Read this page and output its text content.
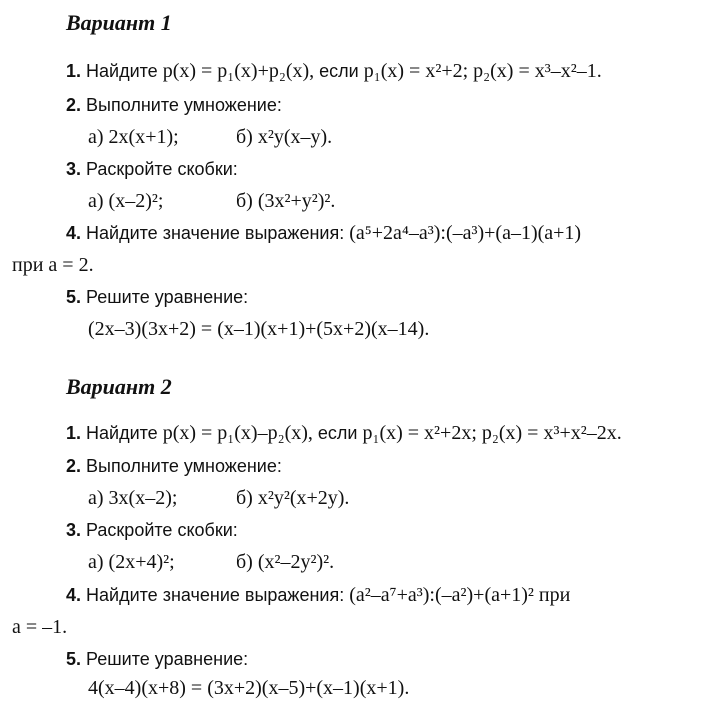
Вариант 1
1. Найдите p(x) = p₁(x)+p₂(x), если p₁(x) = x²+2; p₂(x) = x³–x²–1.
2. Выполните умножение:
а) 2x(x+1);	б) x²y(x–y).
3. Раскройте скобки:
а) (x–2)²;	б) (3x²+y²)².
4. Найдите значение выражения: (a⁵+2a⁴–a³):(–a³)+(a–1)(a+1)
при a = 2.
5. Решите уравнение:
(2x–3)(3x+2) = (x–1)(x+1)+(5x+2)(x–14).
Вариант 2
1. Найдите p(x) = p₁(x)–p₂(x), если p₁(x) = x²+2x; p₂(x) = x³+x²–2x.
2. Выполните умножение:
а) 3x(x–2);	б) x²y²(x+2y).
3. Раскройте скобки:
а) (2x+4)²;	б) (x²–2y²)².
4. Найдите значение выражения: (a²–a⁷+a³):(–a²)+(a+1)² при
a = –1.
5. Решите уравнение:
4(x–4)(x+8) = (3x+2)(x–5)+(x–1)(x+1).
